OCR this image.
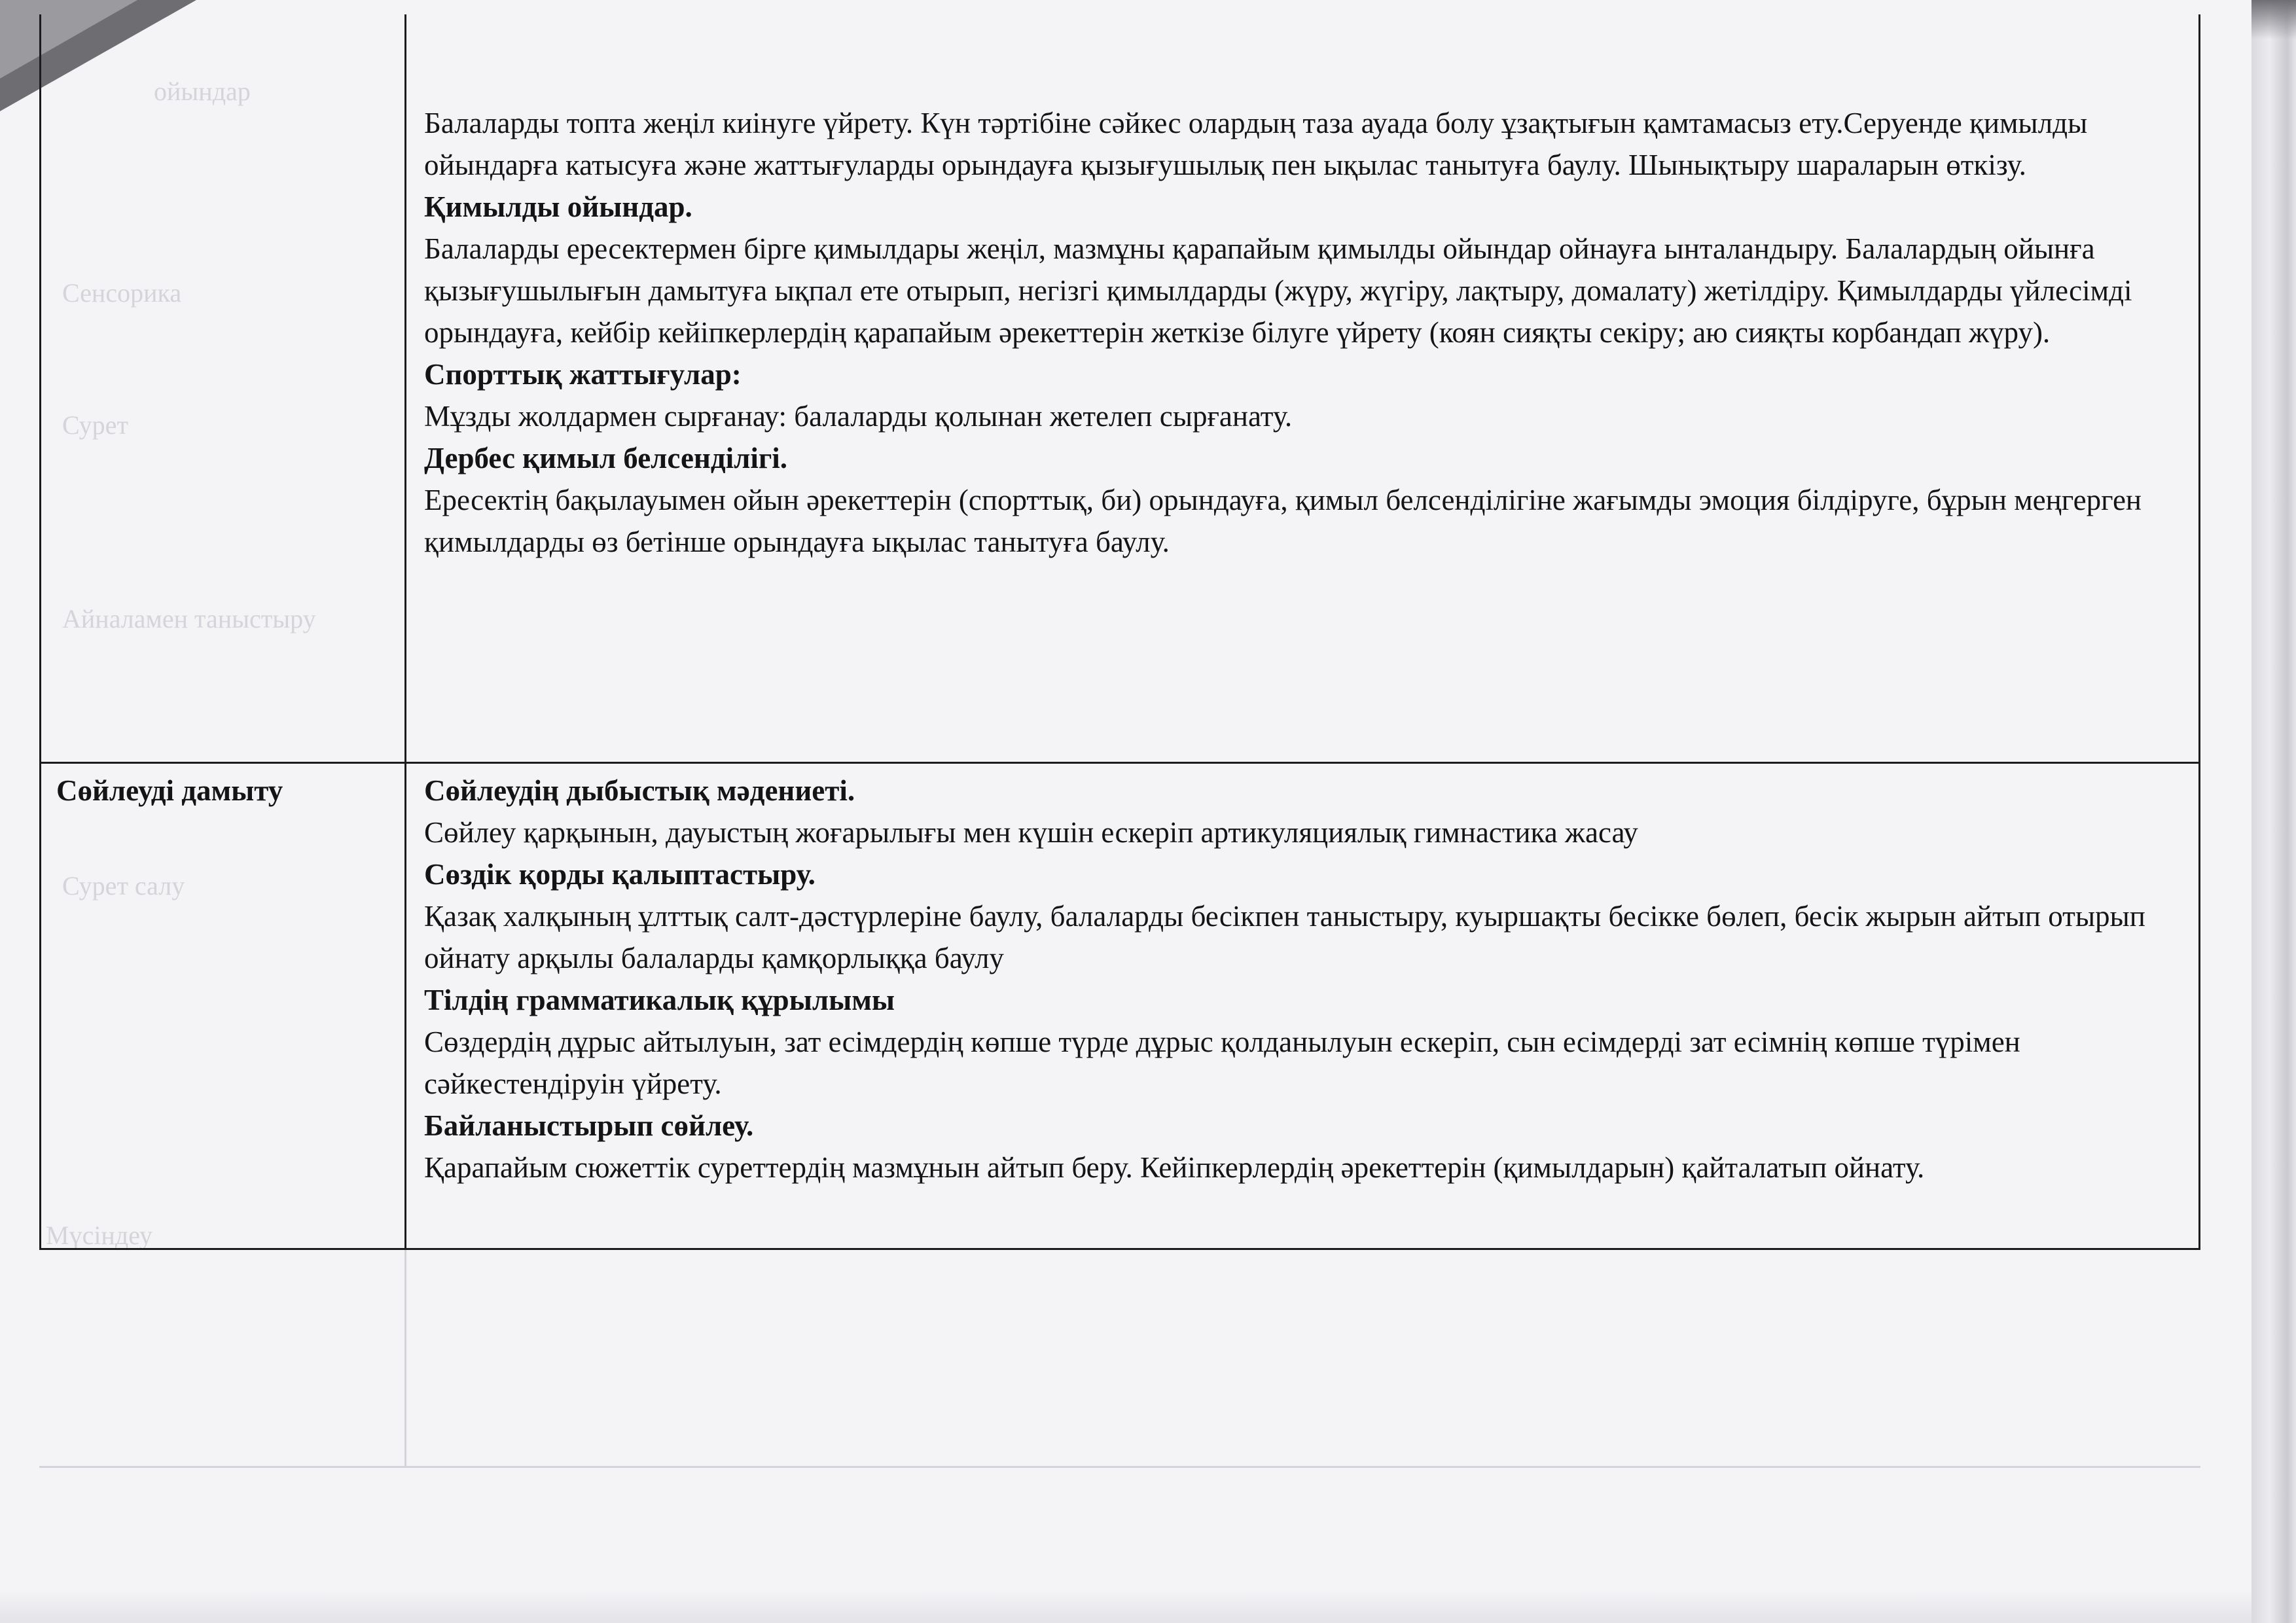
ойындар
Сенсорика
Сурет
Айналамен таныстыру
Сурет салу
Мүсіндеу

Балаларды топта жеңіл киінуге үйрету. Күн тәртібіне сәйкес олардың таза ауада болу ұзақтығын қамтамасыз ету.Серуенде қимылды ойындарға катысуға және жаттығуларды орындауға қызығушылық пен ықылас танытуға баулу. Шынықтыру шараларын өткізу.

Қимылды ойындар.

Балаларды ересектермен бірге қимылдары жеңіл, мазмұны қарапайым қимылды ойындар ойнауға ынталандыру. Балалардың ойынға қызығушылығын дамытуға ықпал ете отырып, негізгі қимылдарды (жүру, жүгіру, лақтыру, домалату) жетілдіру. Қимылдарды үйлесімді орындауға, кейбір кейіпкерлердің қарапайым әрекеттерін жеткізе білуге үйрету (коян сияқты секіру; аю сияқты корбандап жүру).

Спорттық жаттығулар:

Мұзды жолдармен сырғанау: балаларды қолынан жетелеп сырғанату.

Дербес қимыл белсенділігі.

Ересектің бақылауымен ойын әрекеттерін (спорттық, би) орындауға, қимыл белсенділігіне жағымды эмоция білдіруге, бұрын меңгерген қимылдарды өз бетінше орындауға ықылас танытуға баулу.

Сөйлеуді дамыту	Сөйлеудің дыбыстық мәдениеті.

Сөйлеу қарқынын, дауыстың жоғарылығы мен күшін ескеріп артикуляциялық гимнастика жасау

Сөздік қорды қалыптастыру.

Қазақ халқының ұлттық салт-дәстүрлеріне баулу, балаларды бесікпен таныстыру, куыршақты бесікке бөлеп, бесік жырын айтып отырып ойнату арқылы балаларды қамқорлыққа баулу

Тілдің грамматикалық құрылымы

Сөздердің дұрыс айтылуын, зат есімдердің көпше түрде дұрыс қолданылуын ескеріп, сын есімдерді зат есімнің көпше түрімен сәйкестендіруін үйрету.

Байланыстырып сөйлеу.

Қарапайым сюжеттік суреттердің мазмұнын айтып беру. Кейіпкерлердің әрекеттерін (қимылдарын) қайталатып ойнату.
